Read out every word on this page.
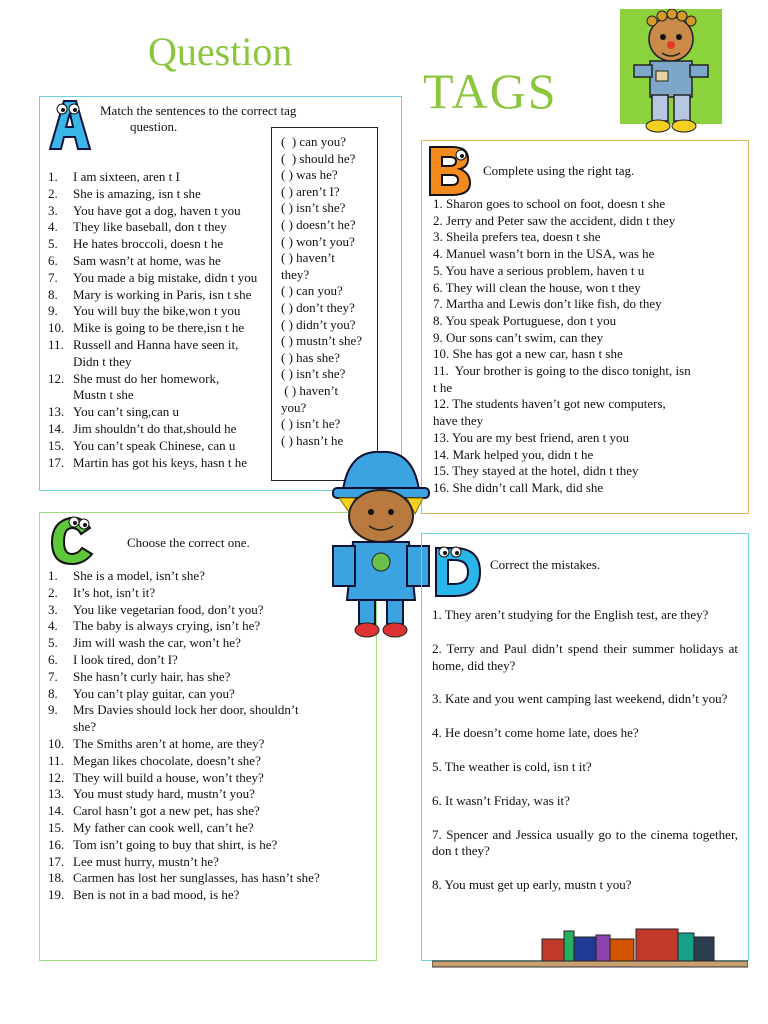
Question
TAGS
Match the sentences to the correct tag
question.
1. I am sixteen, aren t I
2. She is amazing, isn t she
3. You have got a dog, haven t you
4. They like baseball, don t they
5. He hates broccoli, doesn t he
6. Sam wasn’t at home, was he
7. You made a big mistake, didn t you
8. Mary is working in Paris, isn t she
9. You will buy the bike,won t you
10. Mike is going to be there,isn t he
11. Russell and Hanna have seen it,
Didn t they
12. She must do her homework,
Mustn t she
13. You can’t sing,can u
14. Jim shouldn’t do that,should he
15. You can’t speak Chinese, can u
17. Martin has got his keys, hasn t he
(  ) can you?
(  ) should he?
( ) was he?
( ) aren’t I?
( ) isn’t she?
( ) doesn’t he?
( ) won’t you?
( ) haven’t
they?
( ) can you?
( ) don’t they?
( ) didn’t you?
( ) mustn’t she?
( ) has she?
( ) isn’t she?
( ) haven’t
you?
( ) isn’t he?
( ) hasn’t he
Complete using the right tag.
1. Sharon goes to school on foot, doesn t she
2. Jerry and Peter saw the accident, didn t they
3. Sheila prefers tea, doesn t she
4. Manuel wasn’t born in the USA, was he
5. You have a serious problem, haven t u
6. They will clean the house, won t they
7. Martha and Lewis don’t like fish, do they
8. You speak Portuguese, don t you
9. Our sons can’t swim, can they
10. She has got a new car, hasn t she
11.  Your brother is going to the disco tonight, isn
t he
12. The students haven’t got new computers,
have they
13. You are my best friend, aren t you
14. Mark helped you, didn t he
15. They stayed at the hotel, didn t they
16. She didn’t call Mark, did she
Choose the correct one.
1. She is a model, isn’t she?
2. It’s hot, isn’t it?
3. You like vegetarian food, don’t you?
4. The baby is always crying, isn’t he?
5. Jim will wash the car, won’t he?
6. I look tired, don’t I?
7. She hasn’t curly hair, has she?
8. You can’t play guitar, can you?
9. Mrs Davies should lock her door, shouldn’t
she?
10. The Smiths aren’t at home, are they?
11. Megan likes chocolate, doesn’t she?
12. They will build a house, won’t they?
13. You must study hard, mustn’t you?
14. Carol hasn’t got a new pet, has she?
15. My father can cook well, can’t he?
16. Tom isn’t going to buy that shirt, is he?
17. Lee must hurry, mustn’t he?
18. Carmen has lost her sunglasses, has hasn’t she?
19. Ben is not in a bad mood, is he?
Correct the mistakes.
1. They aren’t studying for the English test, are they?
2. Terry and Paul didn’t spend their summer holidays at home, did they?
3. Kate and you went camping last weekend, didn’t you?
4. He doesn’t come home late, does he?
5. The weather is cold, isn t it?
6. It wasn’t Friday, was it?
7. Spencer and Jessica usually go to the cinema together, don t they?
8. You must get up early, mustn t you?
